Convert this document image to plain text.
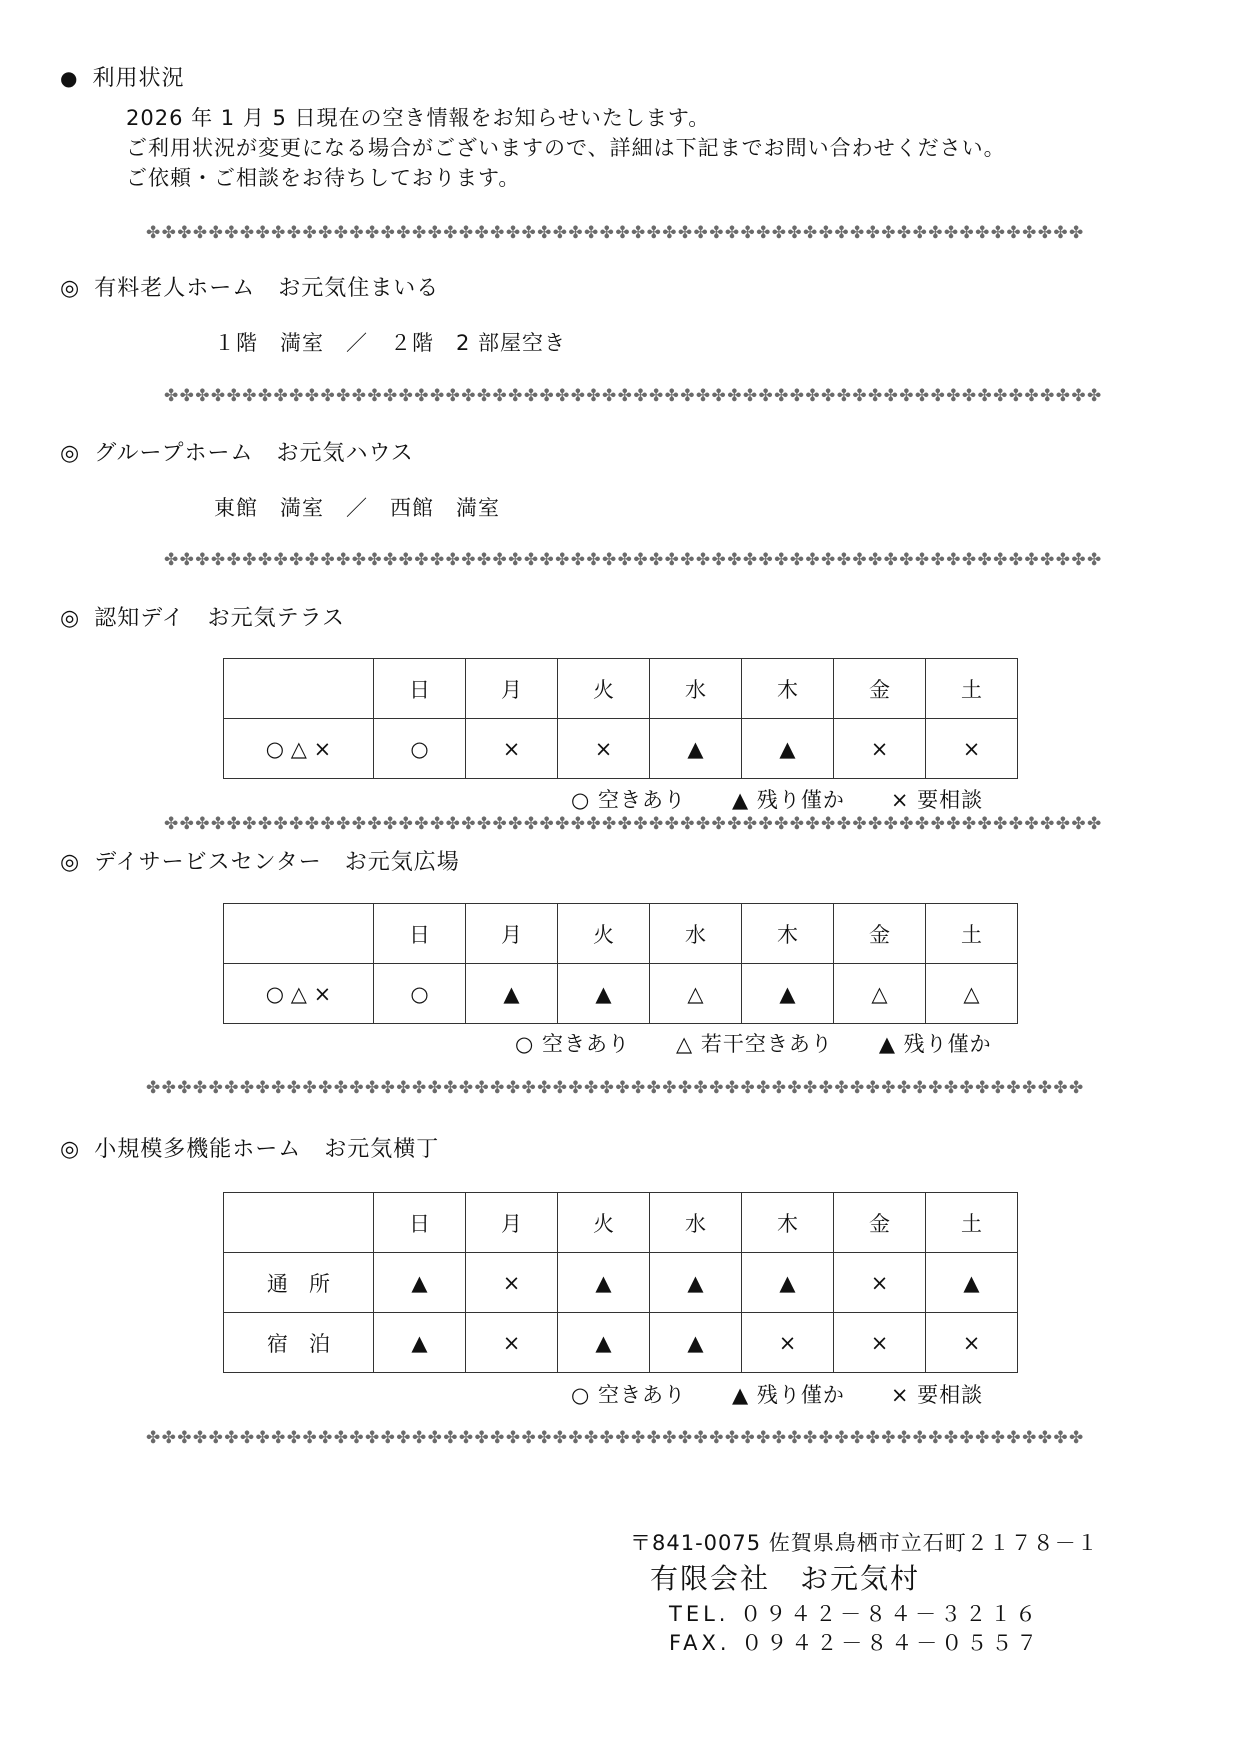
● 利用状況
2026 年 1 月 5 日現在の空き情報をお知らせいたします。
ご利用状況が変更になる場合がございますので、詳細は下記までお問い合わせください。
ご依頼・ご相談をお待ちしております。
✤✤✤✤✤✤✤✤✤✤✤✤✤✤✤✤✤✤✤✤✤✤✤✤✤✤✤✤✤✤✤✤✤✤✤✤✤✤✤✤✤✤✤✤✤✤✤✤✤✤✤✤✤✤✤✤✤✤✤✤
◎ 有料老人ホーム　お元気住まいる
１階　満室　／　２階　2 部屋空き
✤✤✤✤✤✤✤✤✤✤✤✤✤✤✤✤✤✤✤✤✤✤✤✤✤✤✤✤✤✤✤✤✤✤✤✤✤✤✤✤✤✤✤✤✤✤✤✤✤✤✤✤✤✤✤✤✤✤✤✤
◎ グループホーム　お元気ハウス
東館　満室　／　西館　満室
✤✤✤✤✤✤✤✤✤✤✤✤✤✤✤✤✤✤✤✤✤✤✤✤✤✤✤✤✤✤✤✤✤✤✤✤✤✤✤✤✤✤✤✤✤✤✤✤✤✤✤✤✤✤✤✤✤✤✤✤
◎ 認知デイ　お元気テラス
	日	月	火	水	木	金	土
○ △ ×	○	×	×	▲	▲	×	×
○ 空きあり ▲ 残り僅か × 要相談
✤✤✤✤✤✤✤✤✤✤✤✤✤✤✤✤✤✤✤✤✤✤✤✤✤✤✤✤✤✤✤✤✤✤✤✤✤✤✤✤✤✤✤✤✤✤✤✤✤✤✤✤✤✤✤✤✤✤✤✤
◎ デイサービスセンター　お元気広場
	日	月	火	水	木	金	土
○ △ ×	○	▲	▲	△	▲	△	△
○ 空きあり △ 若干空きあり ▲ 残り僅か
✤✤✤✤✤✤✤✤✤✤✤✤✤✤✤✤✤✤✤✤✤✤✤✤✤✤✤✤✤✤✤✤✤✤✤✤✤✤✤✤✤✤✤✤✤✤✤✤✤✤✤✤✤✤✤✤✤✤✤✤
◎ 小規模多機能ホーム　お元気横丁
	日	月	火	水	木	金	土
通　所	▲	×	▲	▲	▲	×	▲
宿　泊	▲	×	▲	▲	×	×	×
○ 空きあり ▲ 残り僅か × 要相談
✤✤✤✤✤✤✤✤✤✤✤✤✤✤✤✤✤✤✤✤✤✤✤✤✤✤✤✤✤✤✤✤✤✤✤✤✤✤✤✤✤✤✤✤✤✤✤✤✤✤✤✤✤✤✤✤✤✤✤✤
〒841-0075 佐賀県鳥栖市立石町２１７８－１
有限会社　お元気村
TEL. ０９４２－８４－３２１６
FAX. ０９４２－８４－０５５７
